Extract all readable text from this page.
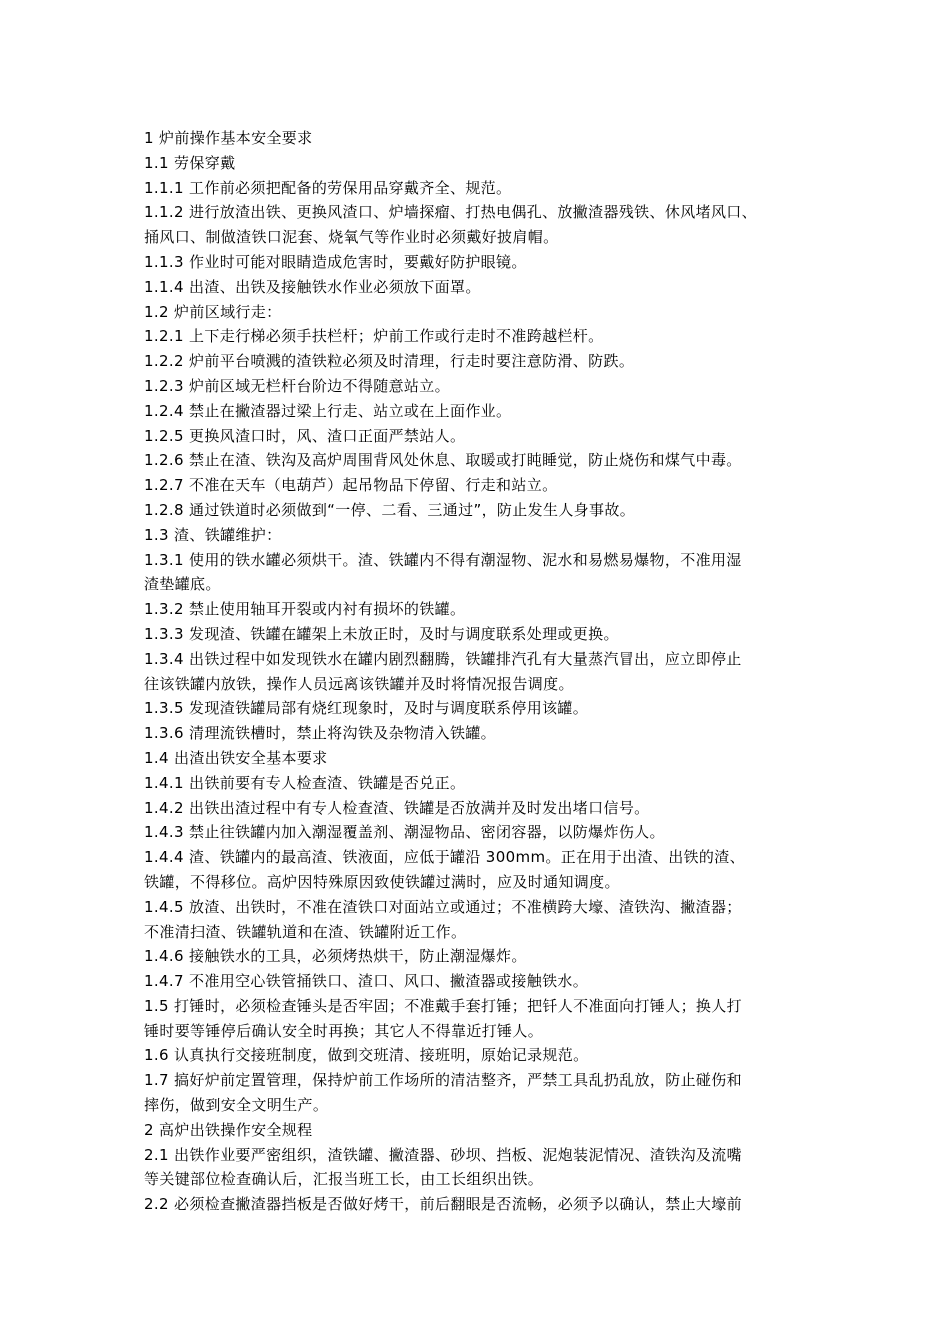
1 炉前操作基本安全要求
1.1 劳保穿戴
1.1.1 工作前必须把配备的劳保用品穿戴齐全、规范。
1.1.2 进行放渣出铁、更换风渣口、炉墙探瘤、打热电偶孔、放撇渣器残铁、休风堵风口、
捅风口、制做渣铁口泥套、烧氧气等作业时必须戴好披肩帽。
1.1.3 作业时可能对眼睛造成危害时，要戴好防护眼镜。
1.1.4 出渣、出铁及接触铁水作业必须放下面罩。
1.2 炉前区域行走：
1.2.1 上下走行梯必须手扶栏杆；炉前工作或行走时不准跨越栏杆。
1.2.2 炉前平台喷溅的渣铁粒必须及时清理，行走时要注意防滑、防跌。
1.2.3 炉前区域无栏杆台阶边不得随意站立。
1.2.4 禁止在撇渣器过梁上行走、站立或在上面作业。
1.2.5 更换风渣口时，风、渣口正面严禁站人。
1.2.6 禁止在渣、铁沟及高炉周围背风处休息、取暖或打盹睡觉，防止烧伤和煤气中毒。
1.2.7 不准在天车（电葫芦）起吊物品下停留、行走和站立。
1.2.8 通过铁道时必须做到“一停、二看、三通过”，防止发生人身事故。
1.3 渣、铁罐维护：
1.3.1 使用的铁水罐必须烘干。渣、铁罐内不得有潮湿物、泥水和易燃易爆物，不准用湿
渣垫罐底。
1.3.2 禁止使用轴耳开裂或内衬有损坏的铁罐。
1.3.3 发现渣、铁罐在罐架上未放正时，及时与调度联系处理或更换。
1.3.4 出铁过程中如发现铁水在罐内剧烈翻腾，铁罐排汽孔有大量蒸汽冒出，应立即停止
往该铁罐内放铁，操作人员远离该铁罐并及时将情况报告调度。
1.3.5 发现渣铁罐局部有烧红现象时，及时与调度联系停用该罐。
1.3.6 清理流铁槽时，禁止将沟铁及杂物清入铁罐。
1.4 出渣出铁安全基本要求
1.4.1 出铁前要有专人检查渣、铁罐是否兑正。
1.4.2 出铁出渣过程中有专人检查渣、铁罐是否放满并及时发出堵口信号。
1.4.3 禁止往铁罐内加入潮湿覆盖剂、潮湿物品、密闭容器，以防爆炸伤人。
1.4.4 渣、铁罐内的最高渣、铁液面，应低于罐沿 300mm。正在用于出渣、出铁的渣、
铁罐，不得移位。高炉因特殊原因致使铁罐过满时，应及时通知调度。
1.4.5 放渣、出铁时，不准在渣铁口对面站立或通过；不准横跨大壕、渣铁沟、撇渣器；
不准清扫渣、铁罐轨道和在渣、铁罐附近工作。
1.4.6 接触铁水的工具，必须烤热烘干，防止潮湿爆炸。
1.4.7 不准用空心铁管捅铁口、渣口、风口、撇渣器或接触铁水。
1.5 打锤时，必须检查锤头是否牢固；不准戴手套打锤；把钎人不准面向打锤人；换人打
锤时要等锤停后确认安全时再换；其它人不得靠近打锤人。
1.6 认真执行交接班制度，做到交班清、接班明，原始记录规范。
1.7 搞好炉前定置管理，保持炉前工作场所的清洁整齐，严禁工具乱扔乱放，防止碰伤和
摔伤，做到安全文明生产。
2 高炉出铁操作安全规程
2.1 出铁作业要严密组织，渣铁罐、撇渣器、砂坝、挡板、泥炮装泥情况、渣铁沟及流嘴
等关键部位检查确认后，汇报当班工长，由工长组织出铁。
2.2 必须检查撇渣器挡板是否做好烤干，前后翻眼是否流畅，必须予以确认，禁止大壕前
